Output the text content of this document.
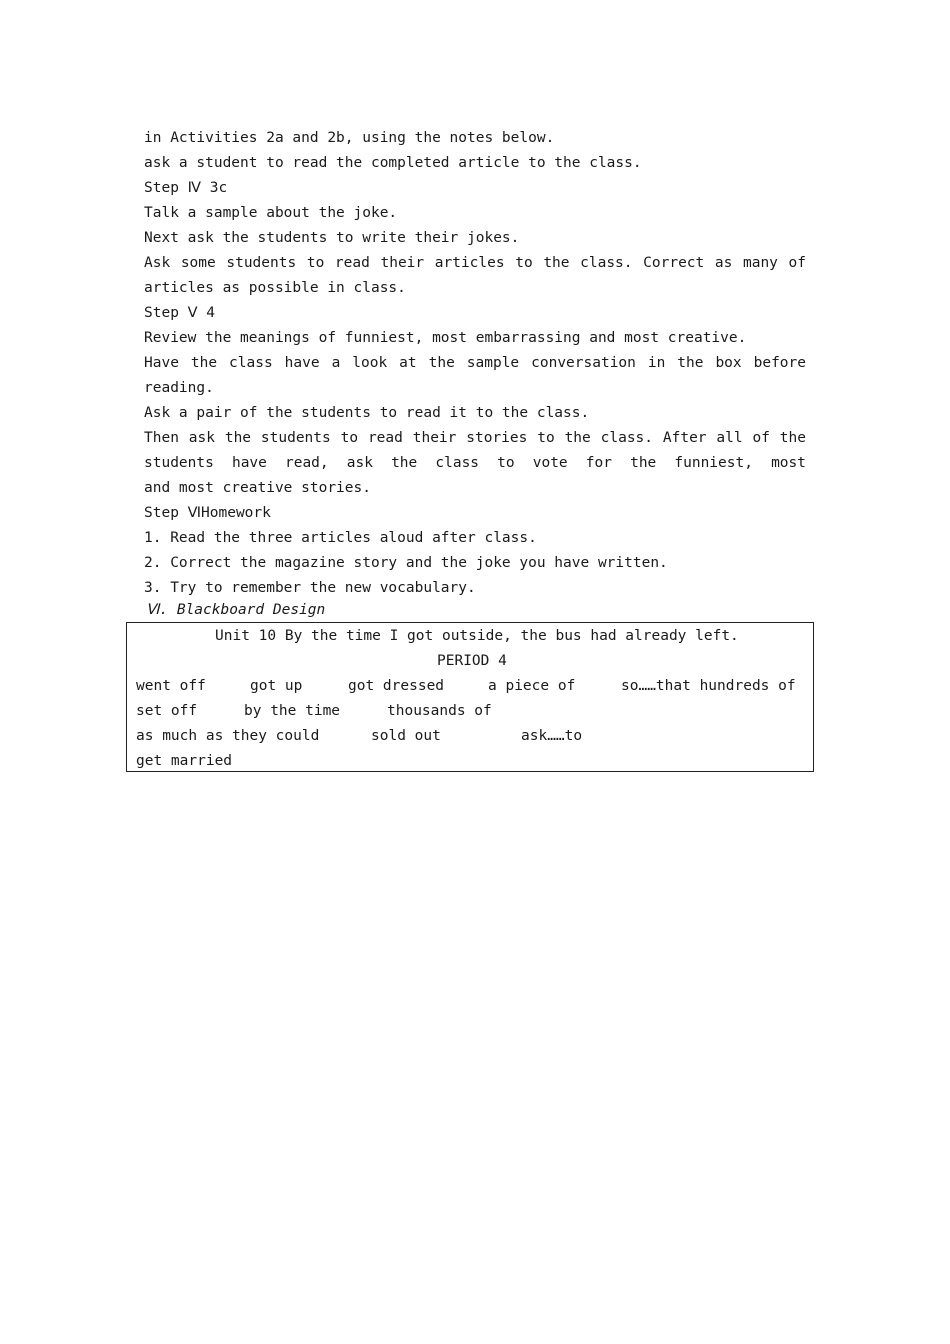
in Activities 2a and 2b, using the notes below.
ask a student to read the completed article to the class.
Step Ⅳ 3c
Talk a sample about the joke.
Next ask the students to write their jokes.
Ask some students to read their articles to the class. Correct as many of
articles as possible in class.
Step Ⅴ 4
Review the meanings of funniest, most embarrassing and most creative.
Have the class have a look at the sample conversation in the box before
reading.
Ask a pair of the students to read it to the class.
Then ask the students to read their stories to the class. After all of the
students have read, ask the class to vote for the funniest, most
and most creative stories.
Step ⅥHomework
1. Read the three articles aloud after class.
2. Correct the magazine story and the joke you have written.
3. Try to remember the new vocabulary.
Ⅵ. Blackboard Design
Unit 10 By the time I got outside, the bus had already left.
PERIOD 4
went off	got up	got dressed	a piece of	so……that hundreds of
set off	by the time	thousands of
as much as they could	sold out	ask……to
get married
